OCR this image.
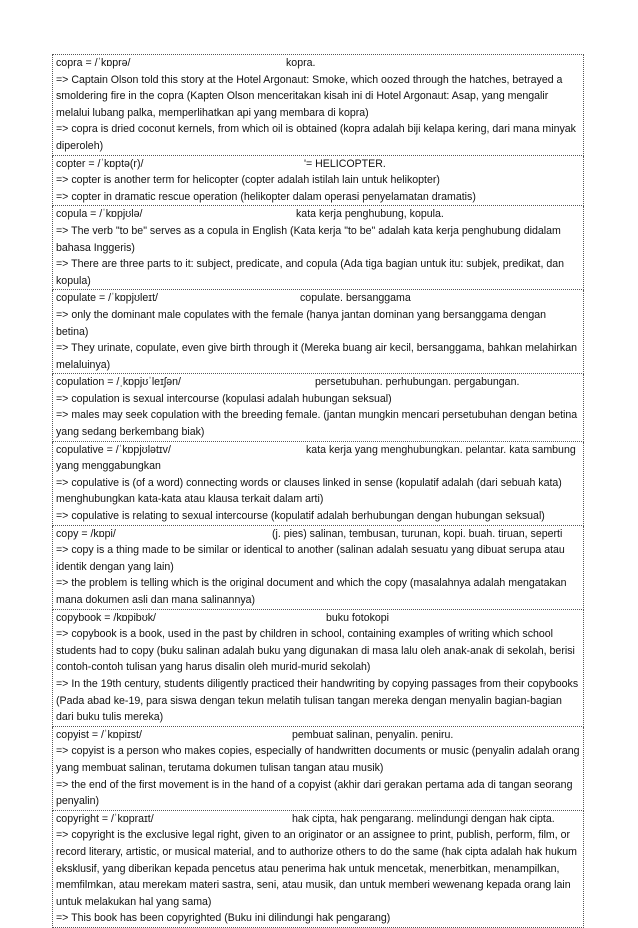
copra = /ˈkɒprə/	kopra.
=> Captain Olson told this story at the Hotel Argonaut: Smoke, which oozed through the hatches, betrayed a smoldering fire in the copra (Kapten Olson menceritakan kisah ini di Hotel Argonaut: Asap, yang mengalir melalui lubang palka, memperlihatkan api yang membara di kopra)
=> copra is dried coconut kernels, from which oil is obtained (kopra adalah biji kelapa kering, dari mana minyak diperoleh)
copter = /ˈkɒptə(r)/	'= HELICOPTER.
=> copter is another term for helicopter (copter adalah istilah lain untuk helikopter)
=> copter in dramatic rescue operation (helikopter dalam operasi penyelamatan dramatis)
copula = /ˈkɒpjʊlə/	kata kerja penghubung, kopula.
=> The verb "to be" serves as a copula in English (Kata kerja "to be" adalah kata kerja penghubung didalam bahasa Inggeris)
=> There are three parts to it: subject, predicate, and copula (Ada tiga bagian untuk itu: subjek, predikat, dan kopula)
copulate = /ˈkɒpjʊleɪt/	copulate. bersanggama
=> only the dominant male copulates with the female (hanya jantan dominan yang bersanggama dengan betina)
=> They urinate, copulate, even give birth through it (Mereka buang air kecil, bersanggama, bahkan melahirkan melaluinya)
copulation = /ˌkɒpjʊˈleɪʃən/	persetubuhan. perhubungan. pergabungan.
=> copulation is sexual intercourse (kopulasi adalah hubungan seksual)
=> males may seek copulation with the breeding female. (jantan mungkin mencari persetubuhan dengan betina yang sedang berkembang biak)
copulative = /ˈkɒpjʊlətɪv/	kata kerja yang menghubungkan. pelantar. kata sambung yang menggabungkan
=> copulative is (of a word) connecting words or clauses linked in sense (kopulatif adalah (dari sebuah kata) menghubungkan kata-kata atau klausa terkait dalam arti)
=> copulative is relating to sexual intercourse (kopulatif adalah berhubungan dengan hubungan seksual)
copy = /kɒpi/	(j. pies) salinan, tembusan, turunan, kopi. buah. tiruan, seperti
=> copy is a thing made to be similar or identical to another (salinan adalah sesuatu yang dibuat serupa atau identik dengan yang lain)
=> the problem is telling which is the original document and which the copy (masalahnya adalah mengatakan mana dokumen asli dan mana salinannya)
copybook = /kɒpibʊk/	buku fotokopi
=> copybook is a book, used in the past by children in school, containing examples of writing which school students had to copy (buku salinan adalah buku yang digunakan di masa lalu oleh anak-anak di sekolah, berisi contoh-contoh tulisan yang harus disalin oleh murid-murid sekolah)
=> In the 19th century, students diligently practiced their handwriting by copying passages from their copybooks (Pada abad ke-19, para siswa dengan tekun melatih tulisan tangan mereka dengan menyalin bagian-bagian dari buku tulis mereka)
copyist = /ˈkɒpiɪst/	pembuat salinan, penyalin. peniru.
=> copyist is a person who makes copies, especially of handwritten documents or music (penyalin adalah orang yang membuat salinan, terutama dokumen tulisan tangan atau musik)
=> the end of the first movement is in the hand of a copyist (akhir dari gerakan pertama ada di tangan seorang penyalin)
copyright = /ˈkɒpraɪt/	hak cipta, hak pengarang. melindungi dengan hak cipta.
=> copyright is the exclusive legal right, given to an originator or an assignee to print, publish, perform, film, or record literary, artistic, or musical material, and to authorize others to do the same (hak cipta adalah hak hukum eksklusif, yang diberikan kepada pencetus atau penerima hak untuk mencetak, menerbitkan, menampilkan, memfilmkan, atau merekam materi sastra, seni, atau musik, dan untuk memberi wewenang kepada orang lain untuk melakukan hal yang sama)
=> This book has been copyrighted (Buku ini dilindungi hak pengarang)
